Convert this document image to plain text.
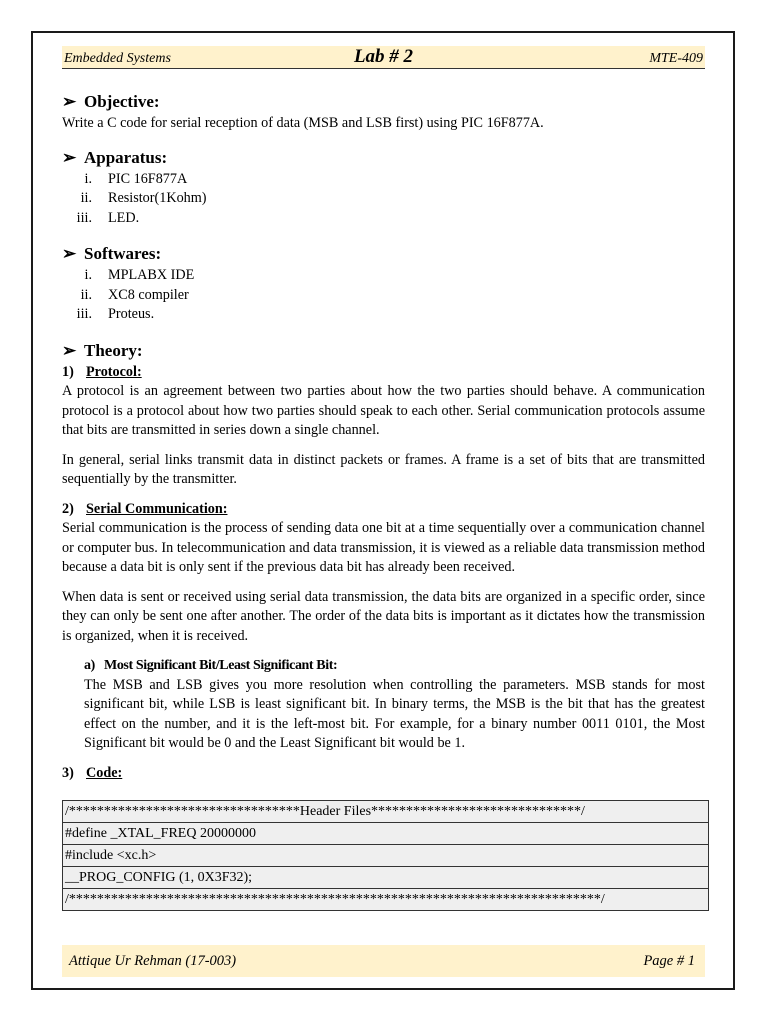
Embedded Systems	Lab # 2	MTE-409
➢ Objective:

Write a C code for serial reception of data (MSB and LSB first) using PIC 16F877A.

➢ Apparatus:
i. PIC 16F877A
ii. Resistor(1Kohm)
iii. LED.
➢ Softwares:
i. MPLABX IDE
ii. XC8 compiler
iii. Proteus.
➢ Theory:
1) Protocol:

A protocol is an agreement between two parties about how the two parties should behave. A communication protocol is a protocol about how two parties should speak to each other. Serial communication protocols assume that bits are transmitted in series down a single channel.

In general, serial links transmit data in distinct packets or frames. A frame is a set of bits that are transmitted sequentially by the transmitter.

2) Serial Communication:

Serial communication is the process of sending data one bit at a time sequentially over a communication channel or computer bus. In telecommunication and data transmission, it is viewed as a reliable data transmission method because a data bit is only sent if the previous data bit has already been received.

When data is sent or received using serial data transmission, the data bits are organized in a specific order, since they can only be sent one after another. The order of the data bits is important as it dictates how the transmission is organized, when it is received.

a) Most Significant Bit/Least Significant Bit:

The MSB and LSB gives you more resolution when controlling the parameters. MSB stands for most significant bit, while LSB is least significant bit. In binary terms, the MSB is the bit that has the greatest effect on the number, and it is the left-most bit. For example, for a binary number 0011 0101, the Most Significant bit would be 0 and the Least Significant bit would be 1.

3) Code:
/*********************************Header Files******************************/
#define _XTAL_FREQ 20000000
#include <xc.h>
__PROG_CONFIG (1, 0X3F32);
/****************************************************************************/
Attique Ur Rehman (17-003)	Page # 1
